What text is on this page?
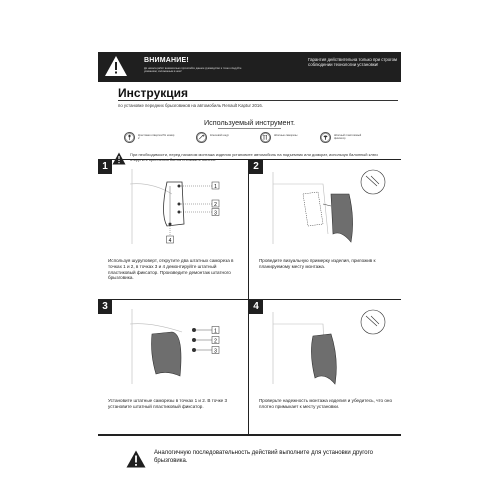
ВНИМАНИЕ!
До начала работ внимательно прочитайте данное руководство и точно следуйте указаниям, изложенным в нем!
Гарантия действительна только при строгом соблюдении технологии установки!
Инструкция
по установке передних брызговиков на автомобиль Renault Kaptur 2016.
Используемый инструмент.
Крестовая отвертка PH номер 2
Ключевой шнур	Штатные саморезы	Штатный пластиковый фиксатор
При необходимости, перед началом монтажа изделия установите автомобиль на подъемник или домкрат, используя балонный ключ
1
1
2
3
4
Используя шуруповерт, открутите два штатных самореза в точках 1 и 2, в точках 3 и 4 демонтируйте штатный пластиковый фиксатор. Произведите демонтаж штатного брызговика.
2
Проведите визуальную примерку изделия, приложив к планируемому месту монтажа.
3
1
2
3
Установите штатные саморезы в точках 1 и 2. В точке 3 установите штатный пластиковый фиксатор.
4
Проверьте надежность монтажа изделия и убедитесь, что оно плотно примыкает к месту установки.
Аналогичную последовательность действий выполните для установки другого брызговика.
